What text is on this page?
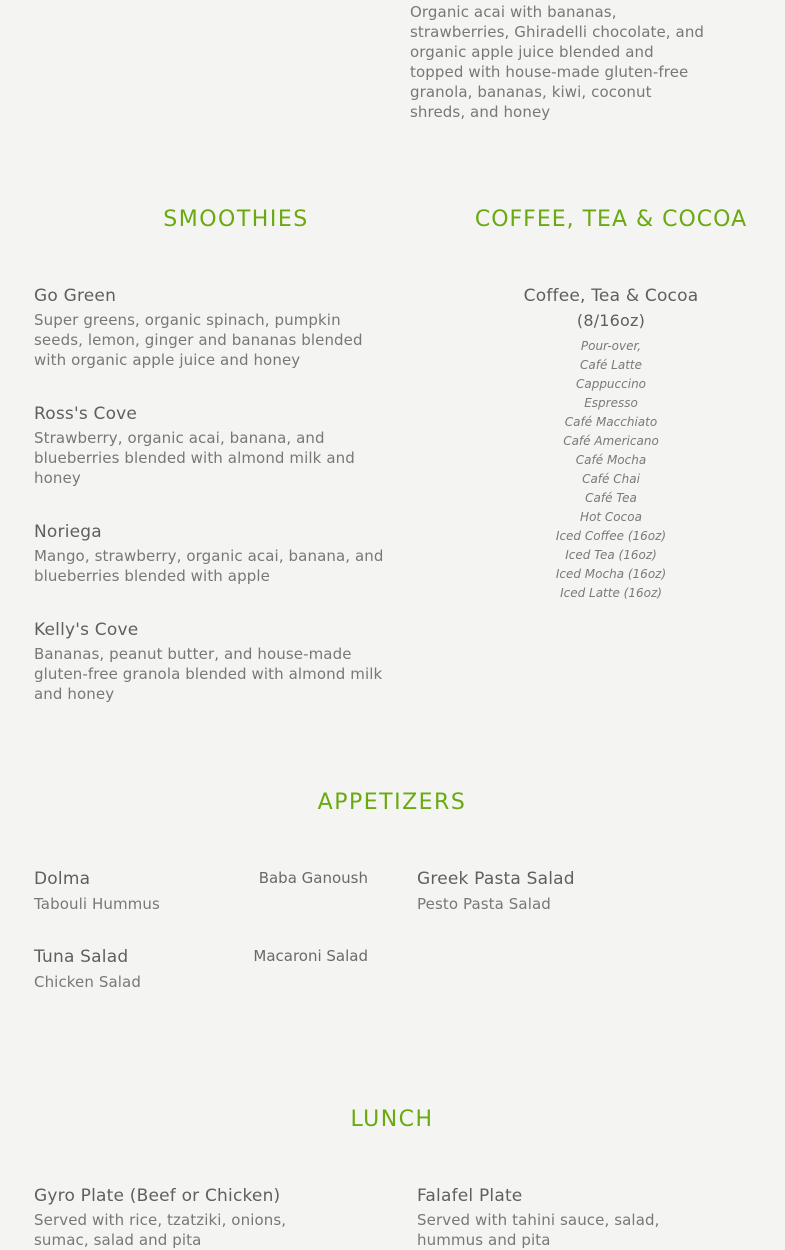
Organic acai with bananas, strawberries, Ghiradelli chocolate, and organic apple juice blended and topped with house-made gluten-free granola, bananas, kiwi, coconut shreds, and honey
SMOOTHIES
Go Green
Super greens, organic spinach, pumpkin seeds, lemon, ginger and bananas blended with organic apple juice and honey
Ross's Cove
Strawberry, organic acai, banana, and blueberries blended with almond milk and honey
Noriega
Mango, strawberry, organic acai, banana, and blueberries blended with apple
Kelly's Cove
Bananas, peanut butter, and house-made gluten-free granola blended with almond milk and honey
COFFEE, TEA & COCOA
Coffee, Tea & Cocoa
(8/16oz)
Pour-over,
Café Latte
Cappuccino
Espresso
Café Macchiato
Café Americano
Café Mocha
Café Chai
Café Tea
Hot Cocoa
Iced Coffee (16oz)
Iced Tea (16oz)
Iced Mocha (16oz)
Iced Latte (16oz)
APPETIZERS
Dolma	Baba Ganoush
Tabouli Hummus
Greek Pasta Salad
Pesto Pasta Salad
Tuna Salad	Macaroni Salad
Chicken Salad
LUNCH
Gyro Plate (Beef or Chicken)
Served with rice, tzatziki, onions, sumac, salad and pita
Falafel Plate
Served with tahini sauce, salad, hummus and pita
